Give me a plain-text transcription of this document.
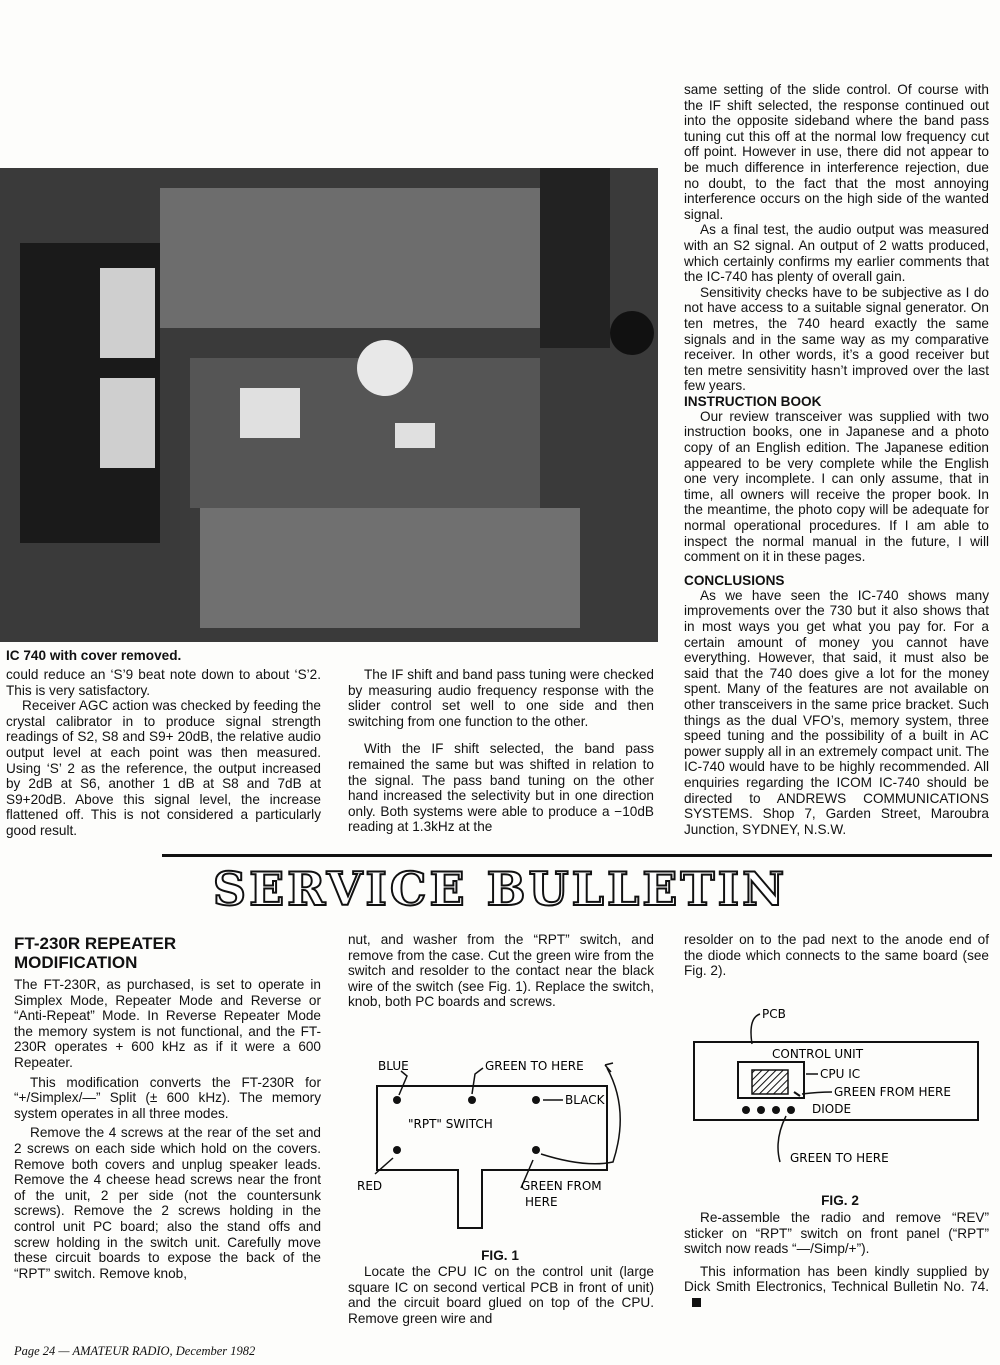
IC 740 with cover removed.

could reduce an ‘S’9 beat note down to about ‘S’2. This is very satisfactory.

Receiver AGC action was checked by feeding the crystal calibrator in to produce signal strength readings of S2, S8 and S9+ 20dB, the relative audio output level at each point was then measured. Using ‘S’ 2 as the reference, the output increased by 2dB at S6, another 1 dB at S8 and 7dB at S9+20dB. Above this signal level, the increase flattened off. This is not considered a particularly good result.

The IF shift and band pass tuning were checked by measuring audio frequency response with the slider control set well to one side and then switching from one function to the other.

With the IF shift selected, the band pass remained the same but was shifted in relation to the signal. The pass band tuning on the other hand increased the selectivity but in one direction only. Both systems were able to produce a −10dB reading at 1.3kHz at the

same setting of the slide control. Of course with the IF shift selected, the response continued out into the opposite sideband where the band pass tuning cut this off at the normal low frequency cut off point. However in use, there did not appear to be much difference in interference rejection, due no doubt, to the fact that the most annoying interference occurs on the high side of the wanted signal.

As a final test, the audio output was measured with an S2 signal. An output of 2 watts produced, which certainly confirms my earlier comments that the IC-740 has plenty of overall gain.

Sensitivity checks have to be subjective as I do not have access to a suitable signal generator. On ten metres, the 740 heard exactly the same signals and in the same way as my comparative receiver. In other words, it’s a good receiver but ten metre sensivitity hasn’t improved over the last few years.

INSTRUCTION BOOK

Our review transceiver was supplied with two instruction books, one in Japanese and a photo copy of an English edition. The Japanese edition appeared to be very complete while the English one very incomplete. I can only assume, that in time, all owners will receive the proper book. In the meantime, the photo copy will be adequate for normal operational procedures. If I am able to inspect the normal manual in the future, I will comment on it in these pages.

CONCLUSIONS

As we have seen the IC-740 shows many improvements over the 730 but it also shows that in most ways you get what you pay for. For a certain amount of money you cannot have everything. However, that said, it must also be said that the 740 does give a lot for the money spent. Many of the features are not available on other transceivers in the same price bracket. Such things as the dual VFO’s, memory system, three speed tuning and the possibility of a built in AC power supply all in an extremely compact unit. The IC-740 would have to be highly recommended. All enquiries regarding the ICOM IC-740 should be directed to ANDREWS COMMUNICATIONS SYSTEMS. Shop 7, Garden Street, Maroubra Junction, SYDNEY, N.S.W.

SERVICE BULLETIN
FT-230R REPEATER
MODIFICATION

The FT-230R, as purchased, is set to operate in Simplex Mode, Repeater Mode and Reverse or “Anti-Repeat” Mode. In Reverse Repeater Mode the memory system is not functional, and the FT-230R operates + 600 kHz as if it were a 600 Repeater.

This modification converts the FT-230R for “+/Simplex/—” Split (± 600 kHz). The memory system operates in all three modes.

Remove the 4 screws at the rear of the set and 2 screws on each side which hold on the covers. Remove both covers and unplug speaker leads. Remove the 4 cheese head screws near the front of the unit, 2 per side (not the countersunk screws). Remove the 2 screws holding in the control unit PC board; also the stand offs and screw holding in the switch unit. Carefully move these circuit boards to expose the back of the “RPT” switch. Remove knob,

nut, and washer from the “RPT” switch, and remove from the case. Cut the green wire from the switch and resolder to the contact near the black wire of the switch (see Fig. 1). Replace the switch, knob, both PC boards and screws.

BLUE	GREEN TO HERE
BLACK
"RPT" SWITCH
RED	GREEN FROM
HERE
FIG. 1

Locate the CPU IC on the control unit (large square IC on second vertical PCB in front of unit) and the circuit board glued on top of the CPU. Remove green wire and

resolder on to the pad next to the anode end of the diode which connects to the same board (see Fig. 2).

PCB
CONTROL UNIT
CPU IC
GREEN FROM HERE
DIODE
GREEN TO HERE
FIG. 2

Re-assemble the radio and remove “REV” sticker on “RPT” switch on front panel (“RPT” switch now reads “—/Simp/+”).

This information has been kindly supplied by Dick Smith Electronics, Technical Bulletin No. 74.

Page 24 — AMATEUR RADIO, December 1982
